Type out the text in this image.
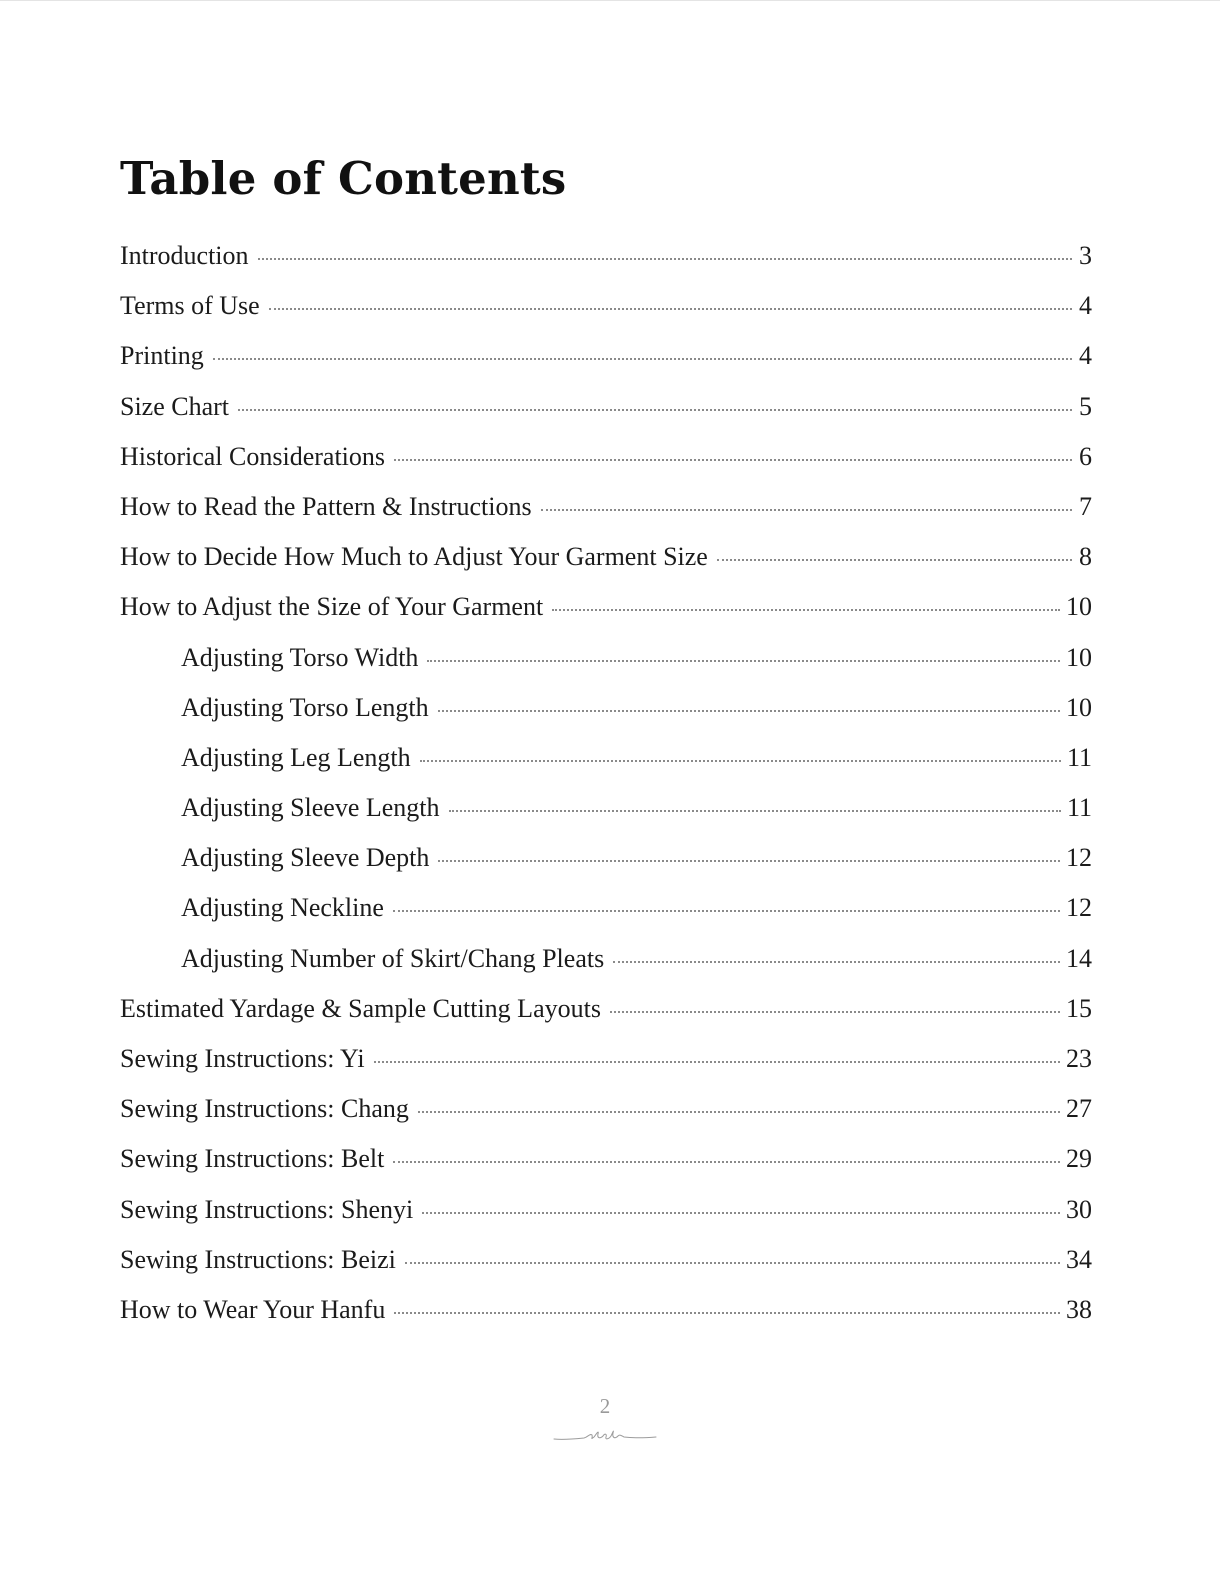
Table of Contents
Introduction	3
Terms of Use	4
Printing	4
Size Chart	5
Historical Considerations	6
How to Read the Pattern & Instructions	7
How to Decide How Much to Adjust Your Garment Size	8
How to Adjust the Size of Your Garment	10
Adjusting Torso Width	10
Adjusting Torso Length	10
Adjusting Leg Length	11
Adjusting Sleeve Length	11
Adjusting Sleeve Depth	12
Adjusting Neckline	12
Adjusting Number of Skirt/Chang Pleats	14
Estimated Yardage & Sample Cutting Layouts	15
Sewing Instructions: Yi	23
Sewing Instructions: Chang	27
Sewing Instructions: Belt	29
Sewing Instructions: Shenyi	30
Sewing Instructions: Beizi	34
How to Wear Your Hanfu	38
2
